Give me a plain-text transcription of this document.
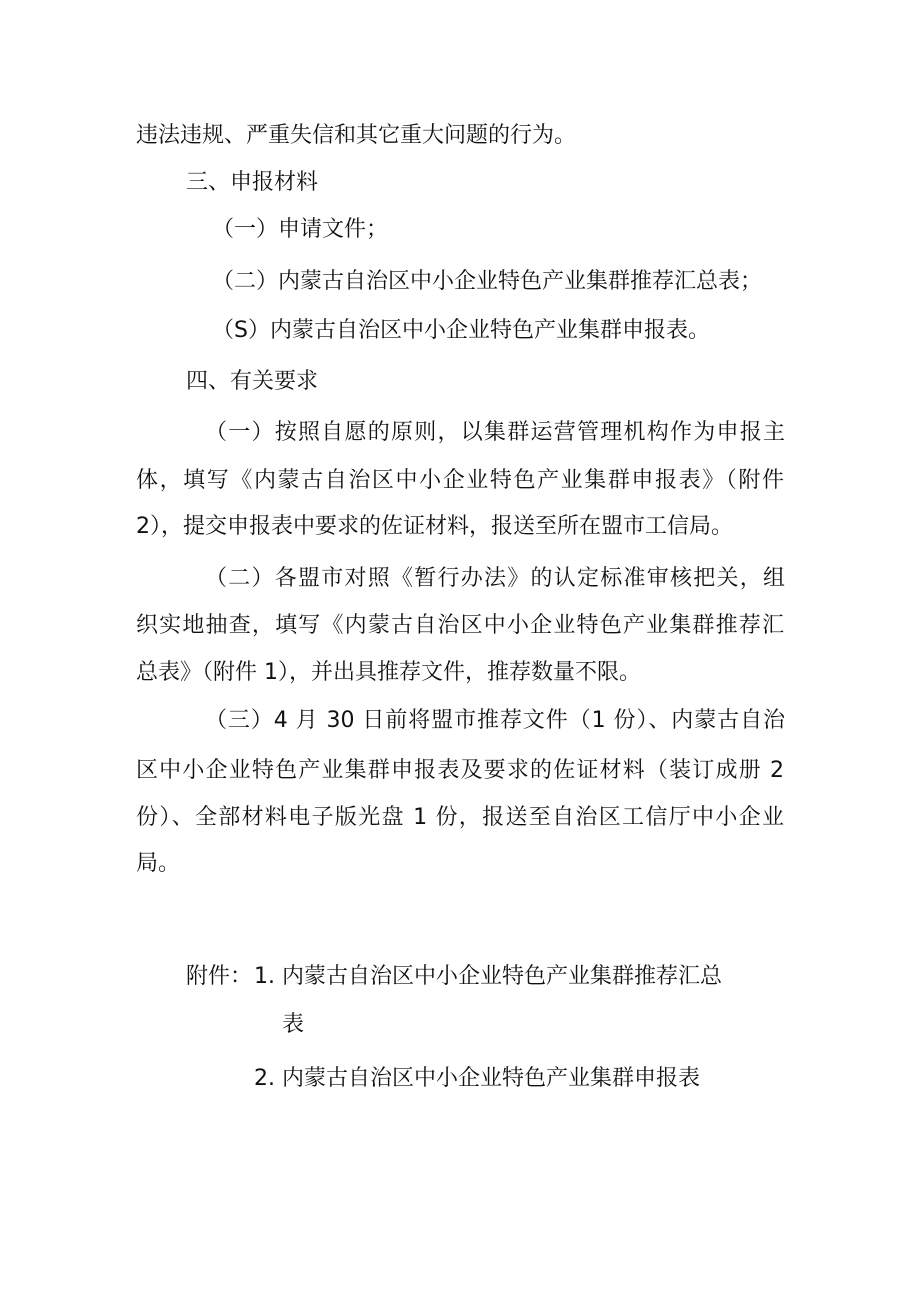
违法违规、严重失信和其它重大问题的行为。
三、申报材料
（一）申请文件；
（二）内蒙古自治区中小企业特色产业集群推荐汇总表；
（S）内蒙古自治区中小企业特色产业集群申报表。
四、有关要求
（一）按照自愿的原则，以集群运营管理机构作为申报主
体，填写《内蒙古自治区中小企业特色产业集群申报表》（附件
2），提交申报表中要求的佐证材料，报送至所在盟市工信局。
（二）各盟市对照《暂行办法》的认定标准审核把关，组
织实地抽查，填写《内蒙古自治区中小企业特色产业集群推荐汇
总表》（附件 1），并出具推荐文件，推荐数量不限。
（三）4 月 30 日前将盟市推荐文件（1 份）、内蒙古自治
区中小企业特色产业集群申报表及要求的佐证材料（装订成册 2
份）、全部材料电子版光盘 1 份，报送至自治区工信厅中小企业
局。
附件： 1. 内蒙古自治区中小企业特色产业集群推荐汇总
表
2. 内蒙古自治区中小企业特色产业集群申报表
